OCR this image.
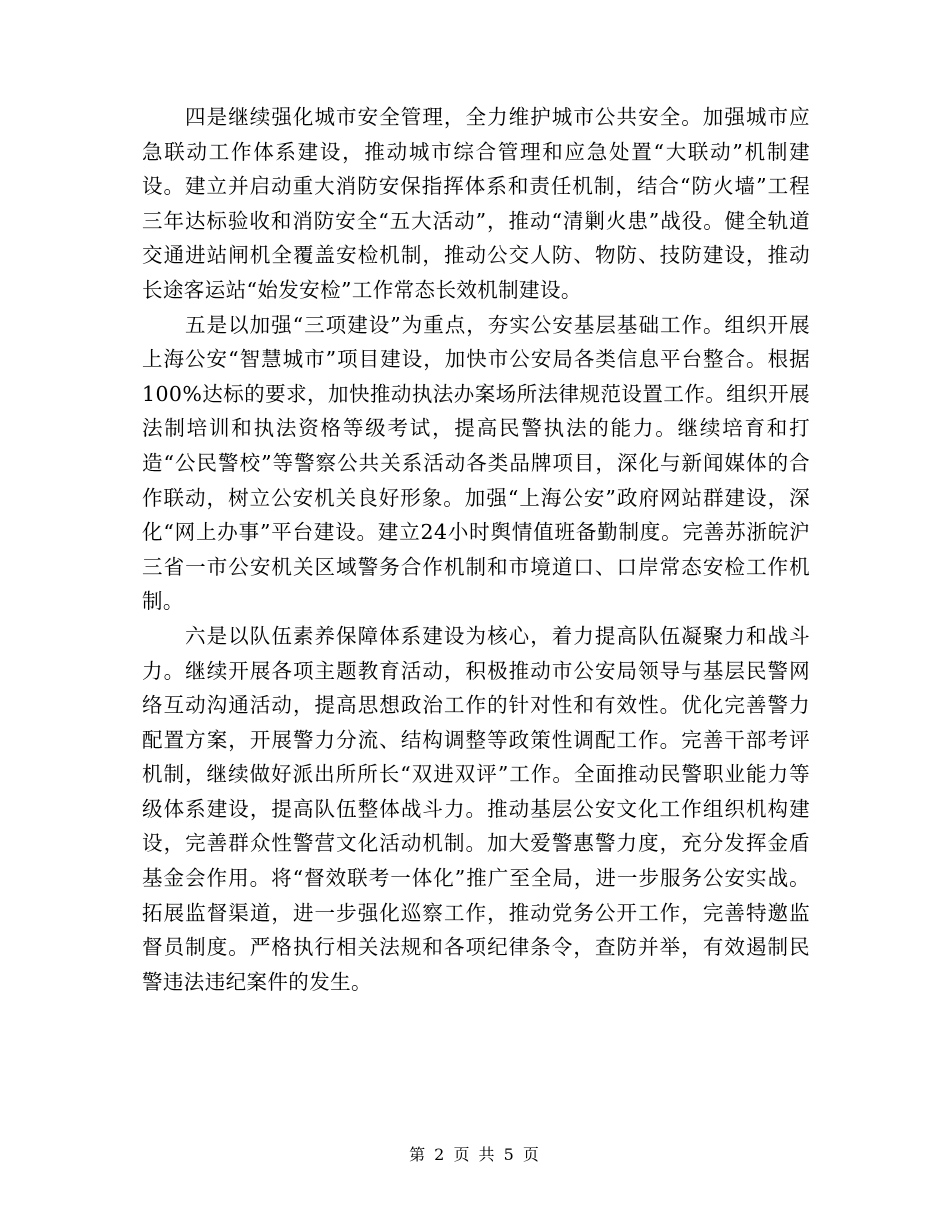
四是继续强化城市安全管理，全力维护城市公共安全。加强城市应急联动工作体系建设，推动城市综合管理和应急处置“大联动”机制建设。建立并启动重大消防安保指挥体系和责任机制，结合“防火墙”工程三年达标验收和消防安全“五大活动”，推动“清剿火患”战役。健全轨道交通进站闸机全覆盖安检机制，推动公交人防、物防、技防建设，推动长途客运站“始发安检”工作常态长效机制建设。

五是以加强“三项建设”为重点，夯实公安基层基础工作。组织开展上海公安“智慧城市”项目建设，加快市公安局各类信息平台整合。根据100%达标的要求，加快推动执法办案场所法律规范设置工作。组织开展法制培训和执法资格等级考试，提高民警执法的能力。继续培育和打造“公民警校”等警察公共关系活动各类品牌项目，深化与新闻媒体的合作联动，树立公安机关良好形象。加强“上海公安”政府网站群建设，深化“网上办事”平台建设。建立24小时舆情值班备勤制度。完善苏浙皖沪三省一市公安机关区域警务合作机制和市境道口、口岸常态安检工作机制。

六是以队伍素养保障体系建设为核心，着力提高队伍凝聚力和战斗力。继续开展各项主题教育活动，积极推动市公安局领导与基层民警网络互动沟通活动，提高思想政治工作的针对性和有效性。优化完善警力配置方案，开展警力分流、结构调整等政策性调配工作。完善干部考评机制，继续做好派出所所长“双进双评”工作。全面推动民警职业能力等级体系建设，提高队伍整体战斗力。推动基层公安文化工作组织机构建设，完善群众性警营文化活动机制。加大爱警惠警力度，充分发挥金盾基金会作用。将“督效联考一体化”推广至全局，进一步服务公安实战。拓展监督渠道，进一步强化巡察工作，推动党务公开工作，完善特邀监督员制度。严格执行相关法规和各项纪律条令，查防并举，有效遏制民警违法违纪案件的发生。

第 2 页 共 5 页
